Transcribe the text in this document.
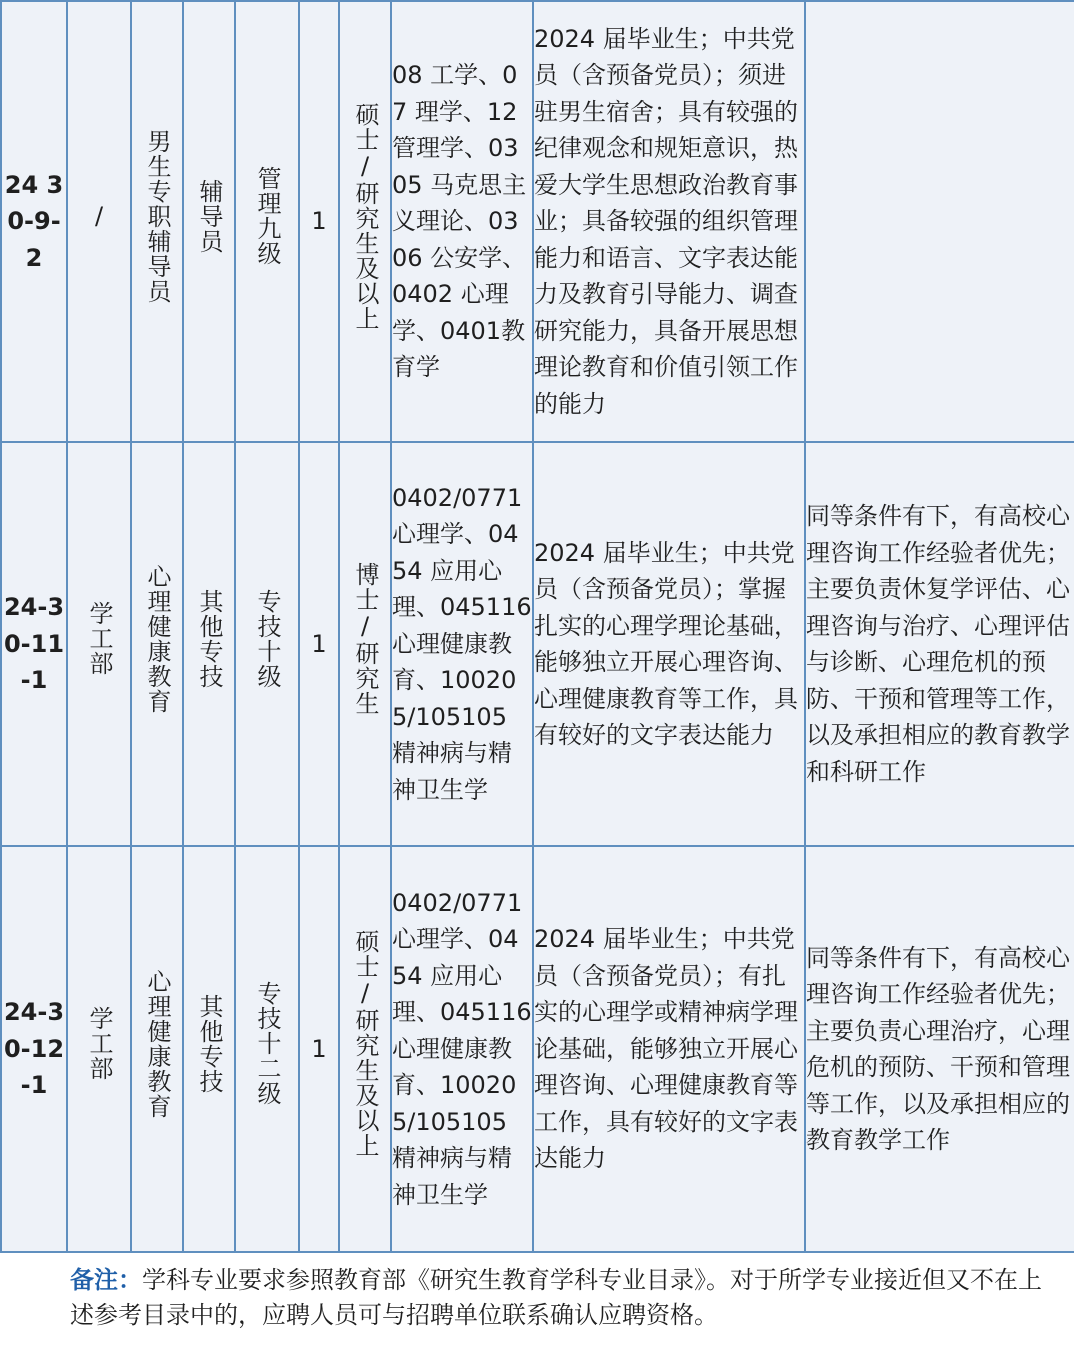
24 30-9-2	/	男生专职辅导员	辅导员	管理九级	1	硕士/研究生及以上	08 工学、07 理学、12管理学、0305 马克思主义理论、0306 公安学、0402 心理学、0401教育学	2024 届毕业生；中共党员（含预备党员）；须进驻男生宿舍；具有较强的纪律观念和规矩意识，热爱大学生思想政治教育事业；具备较强的组织管理能力和语言、文字表达能力及教育引导能力、调查研究能力，具备开展思想理论教育和价值引领工作的能力	

24-30-11-1	学工部	心理健康教育	其他专技	专技十级	1	博士/研究生	0402/0771 心理学、0454 应用心理、045116 心理健康教育、100205/105105 精神病与精神卫生学	2024 届毕业生；中共党员（含预备党员）；掌握扎实的心理学理论基础，能够独立开展心理咨询、心理健康教育等工作，具有较好的文字表达能力	同等条件有下，有高校心理咨询工作经验者优先；主要负责休复学评估、心理咨询与治疗、心理评估与诊断、心理危机的预防、干预和管理等工作，以及承担相应的教育教学和科研工作

24-30-12-1	学工部	心理健康教育	其他专技	专技十二级	1	硕士/研究生及以上	0402/0771 心理学、0454 应用心理、045116 心理健康教育、100205/105105 精神病与精神卫生学	2024 届毕业生；中共党员（含预备党员）；有扎实的心理学或精神病学理论基础，能够独立开展心理咨询、心理健康教育等工作，具有较好的文字表达能力	同等条件有下，有高校心理咨询工作经验者优先；主要负责心理治疗，心理危机的预防、干预和管理等工作，以及承担相应的教育教学工作

备注：学科专业要求参照教育部《研究生教育学科专业目录》。对于所学专业接近但又不在上述参考目录中的，应聘人员可与招聘单位联系确认应聘资格。
